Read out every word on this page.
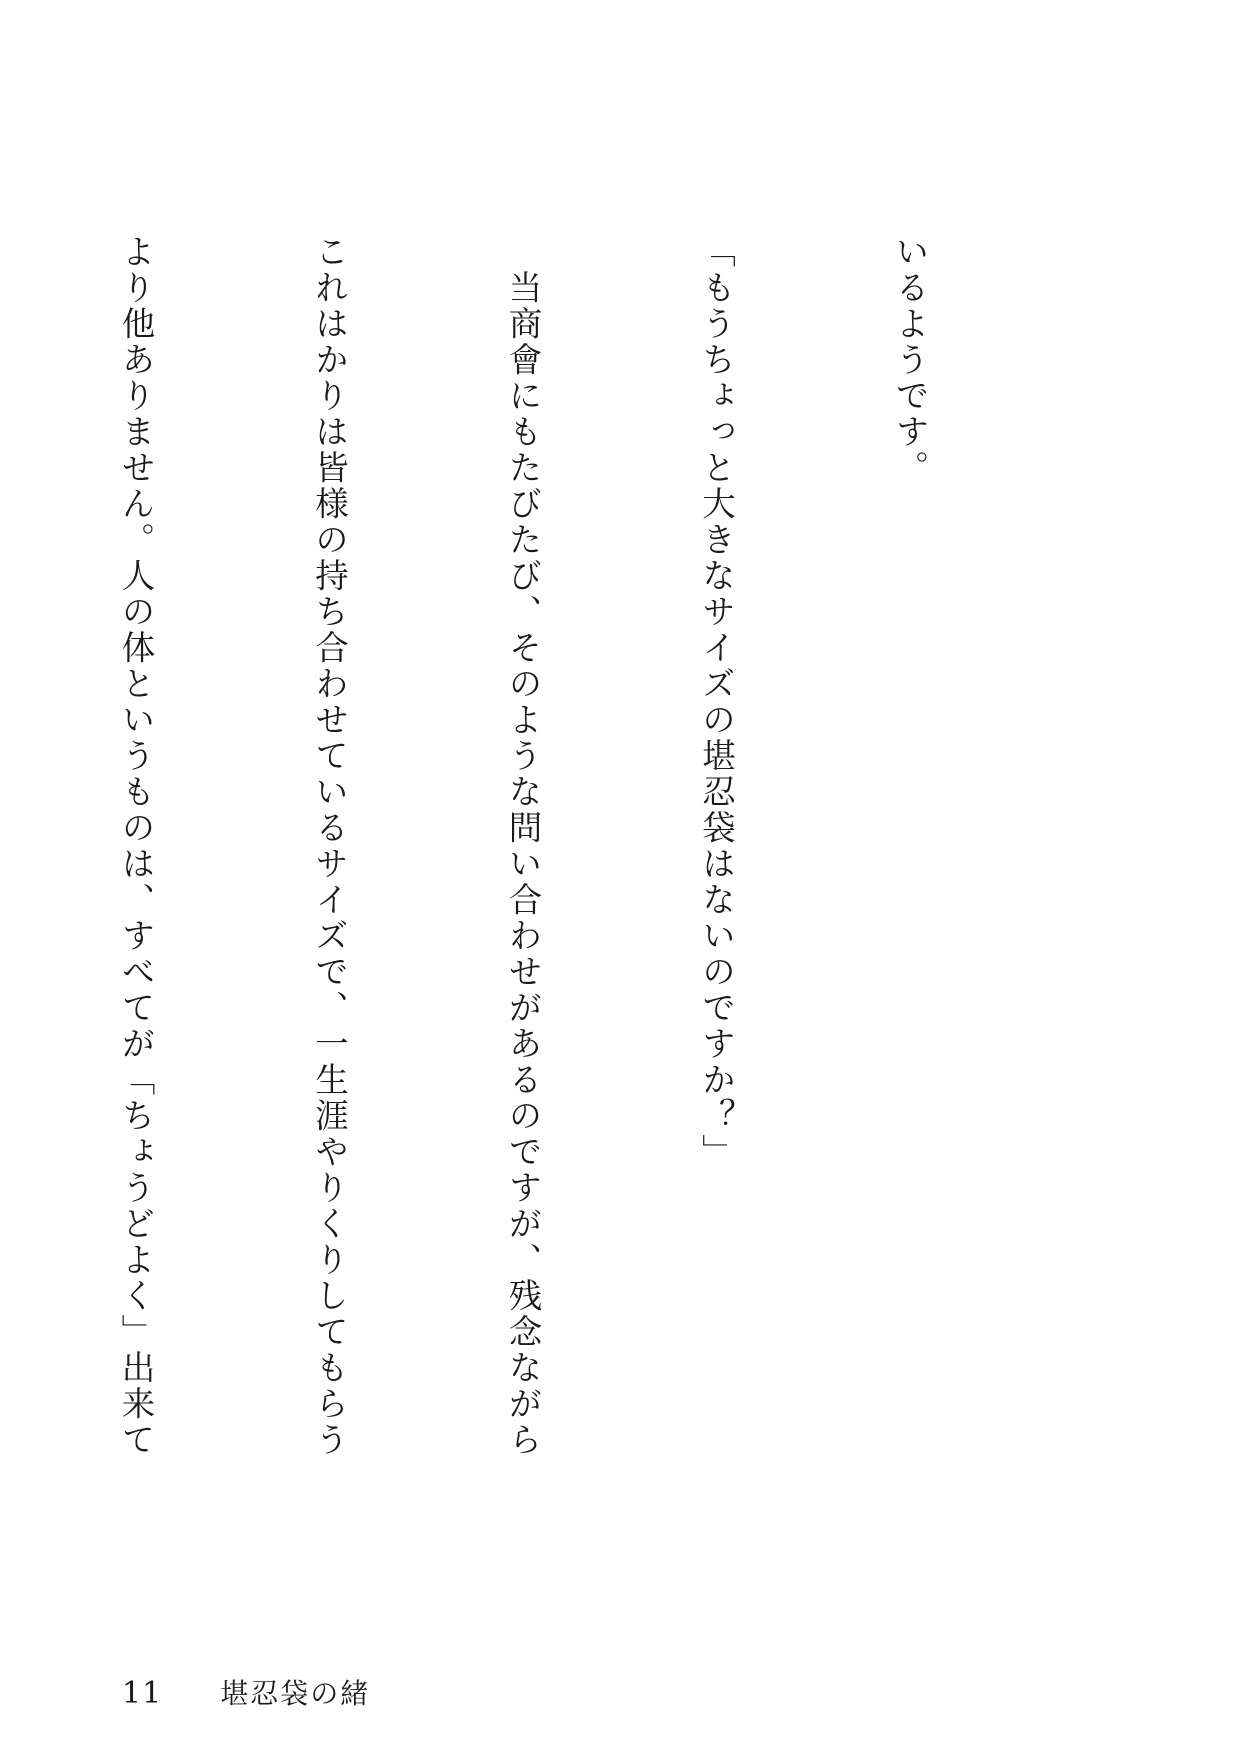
いるようです。

「もうちょっと大きなサイズの堪忍袋はないのですか？」

　当商會にもたびたび、そのような問い合わせがあるのですが、残念ながら

これはかりは皆様の持ち合わせているサイズで、一生涯やりくりしてもらう

より他ありません。人の体というものは、すべてが「ちょうどよく」出来て

11 堪忍袋の緒
